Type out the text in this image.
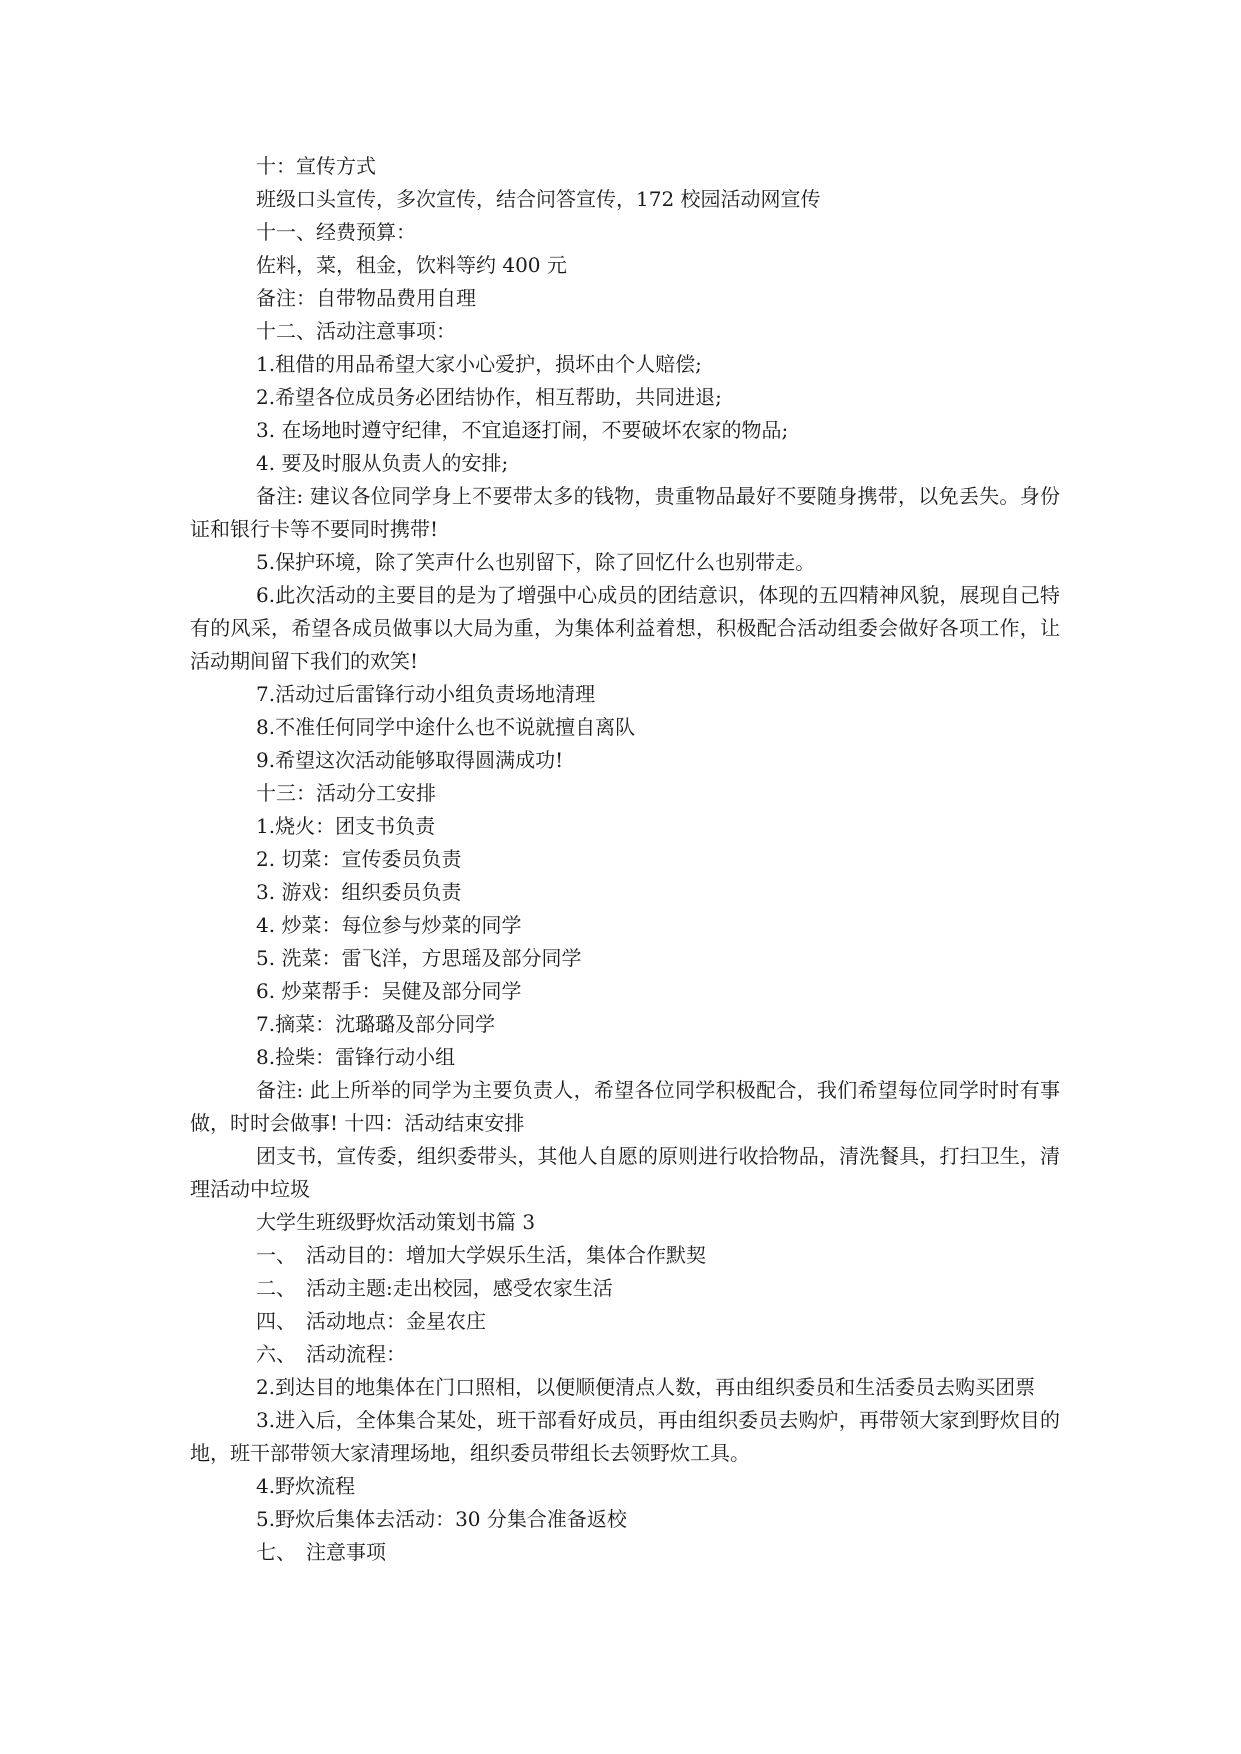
十：宣传方式

班级口头宣传，多次宣传，结合问答宣传，172 校园活动网宣传

十一、经费预算：

佐料，菜，租金，饮料等约 400 元

备注：自带物品费用自理

十二、活动注意事项：

1.租借的用品希望大家小心爱护，损坏由个人赔偿;

2.希望各位成员务必团结协作，相互帮助，共同进退;

3. 在场地时遵守纪律，不宜追逐打闹，不要破坏农家的物品;

4. 要及时服从负责人的安排;

备注: 建议各位同学身上不要带太多的钱物，贵重物品最好不要随身携带，以免丢失。身份证和银行卡等不要同时携带!

5.保护环境，除了笑声什么也别留下，除了回忆什么也别带走。

6.此次活动的主要目的是为了增强中心成员的团结意识，体现的五四精神风貌，展现自己特有的风采，希望各成员做事以大局为重，为集体利益着想，积极配合活动组委会做好各项工作，让活动期间留下我们的欢笑!

7.活动过后雷锋行动小组负责场地清理

8.不准任何同学中途什么也不说就擅自离队

9.希望这次活动能够取得圆满成功!

十三：活动分工安排

1.烧火：团支书负责

2. 切菜：宣传委员负责

3. 游戏：组织委员负责

4. 炒菜：每位参与炒菜的同学

5. 洗菜：雷飞洋，方思瑶及部分同学

6. 炒菜帮手：吴健及部分同学

7.摘菜：沈璐璐及部分同学

8.捡柴：雷锋行动小组

备注: 此上所举的同学为主要负责人，希望各位同学积极配合，我们希望每位同学时时有事做，时时会做事! 十四：活动结束安排

团支书，宣传委，组织委带头，其他人自愿的原则进行收拾物品，清洗餐具，打扫卫生，清理活动中垃圾

大学生班级野炊活动策划书篇 3

一、　活动目的：增加大学娱乐生活，集体合作默契

二、　活动主题:走出校园，感受农家生活

四、　活动地点：金星农庄

六、　活动流程：

2.到达目的地集体在门口照相，以便顺便清点人数，再由组织委员和生活委员去购买团票

3.进入后，全体集合某处，班干部看好成员，再由组织委员去购炉，再带领大家到野炊目的地，班干部带领大家清理场地，组织委员带组长去领野炊工具。

4.野炊流程

5.野炊后集体去活动：30 分集合准备返校

七、　注意事项
